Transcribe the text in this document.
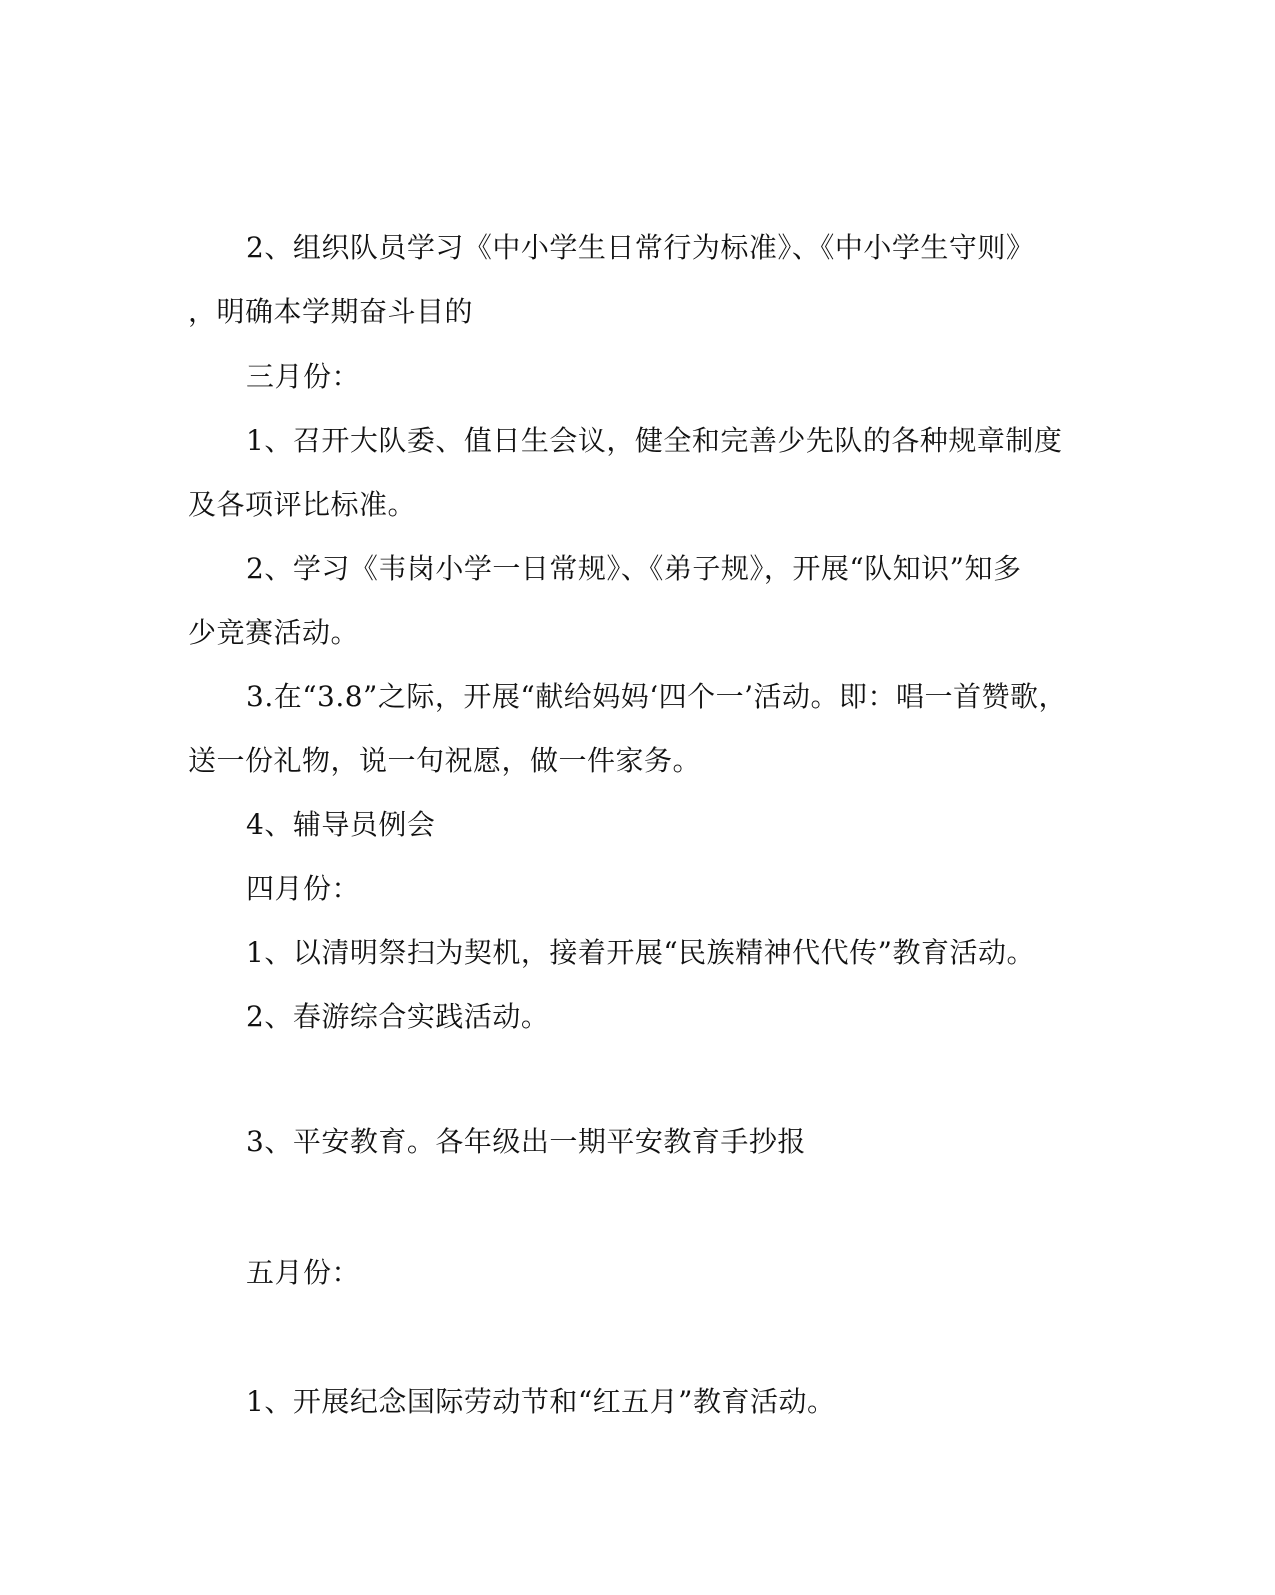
2、组织队员学习《中小学生日常行为标准》、《中小学生守则》
，明确本学期奋斗目的
三月份：
1、召开大队委、值日生会议，健全和完善少先队的各种规章制度
及各项评比标准。
2、学习《韦岗小学一日常规》、《弟子规》，开展“队知识”知多
少竞赛活动。
3.在“3.8”之际，开展“献给妈妈‘四个一’活动。即：唱一首赞歌，
送一份礼物，说一句祝愿，做一件家务。
4、辅导员例会
四月份：
1、以清明祭扫为契机，接着开展“民族精神代代传”教育活动。
2、春游综合实践活动。
3、平安教育。各年级出一期平安教育手抄报
五月份：
1、开展纪念国际劳动节和“红五月”教育活动。
